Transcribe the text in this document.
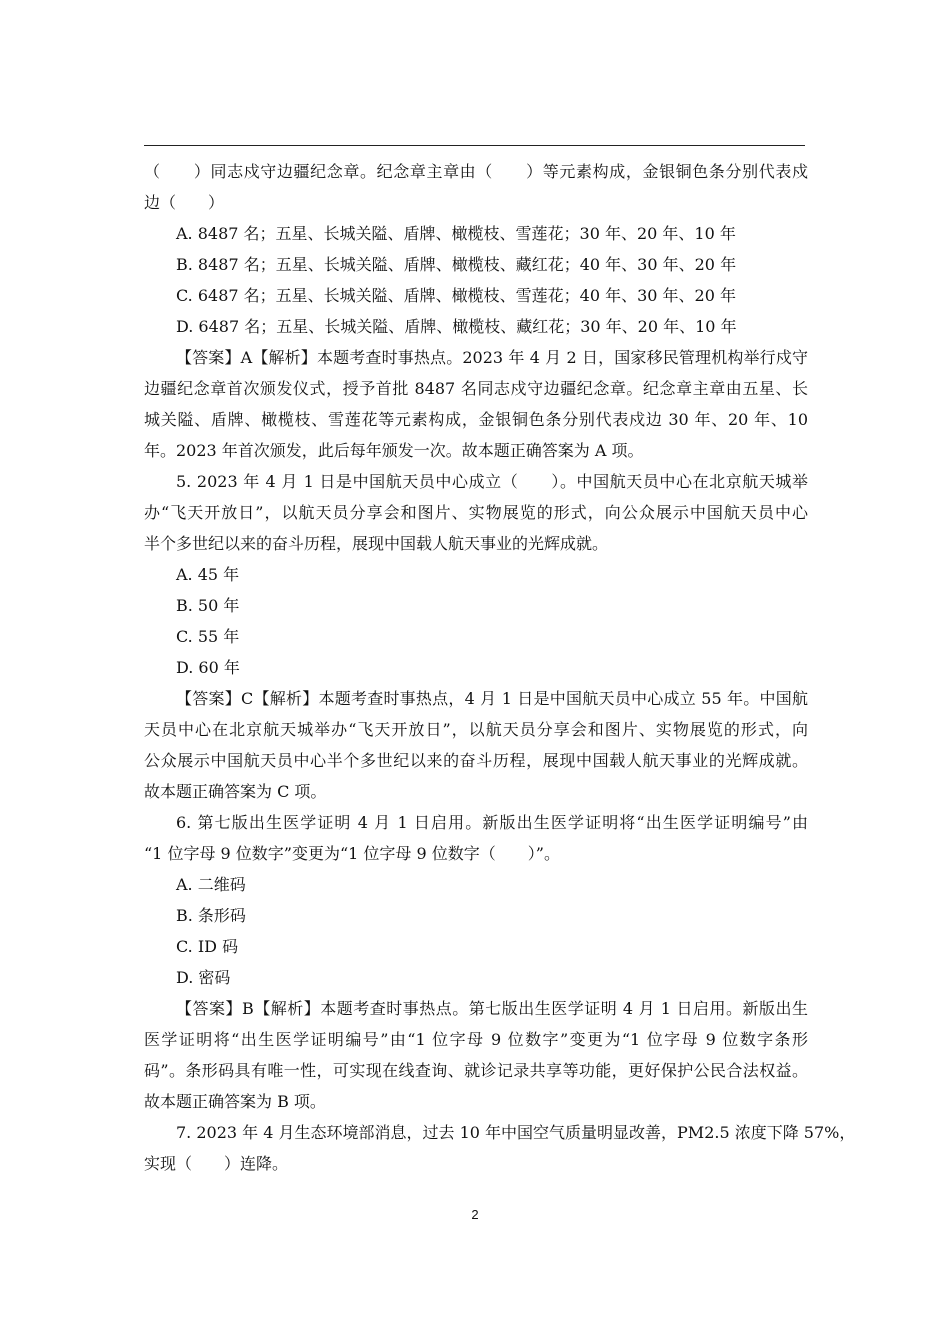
（　　）同志戍守边疆纪念章。纪念章主章由（　　）等元素构成，金银铜色条分别代表戍
边（　　）
A. 8487 名；五星、长城关隘、盾牌、橄榄枝、雪莲花；30 年、20 年、10 年
B. 8487 名；五星、长城关隘、盾牌、橄榄枝、藏红花；40 年、30 年、20 年
C. 6487 名；五星、长城关隘、盾牌、橄榄枝、雪莲花；40 年、30 年、20 年
D. 6487 名；五星、长城关隘、盾牌、橄榄枝、藏红花；30 年、20 年、10 年
【答案】A【解析】本题考查时事热点。2023 年 4 月 2 日，国家移民管理机构举行戍守
边疆纪念章首次颁发仪式，授予首批 8487 名同志戍守边疆纪念章。纪念章主章由五星、长
城关隘、盾牌、橄榄枝、雪莲花等元素构成，金银铜色条分别代表戍边 30 年、20 年、10
年。2023 年首次颁发，此后每年颁发一次。故本题正确答案为 A 项。
5. 2023 年 4 月 1 日是中国航天员中心成立（　　）。中国航天员中心在北京航天城举
办“飞天开放日”，以航天员分享会和图片、实物展览的形式，向公众展示中国航天员中心
半个多世纪以来的奋斗历程，展现中国载人航天事业的光辉成就。
A. 45 年
B. 50 年
C. 55 年
D. 60 年
【答案】C【解析】本题考查时事热点，4 月 1 日是中国航天员中心成立 55 年。中国航
天员中心在北京航天城举办“飞天开放日”，以航天员分享会和图片、实物展览的形式，向
公众展示中国航天员中心半个多世纪以来的奋斗历程，展现中国载人航天事业的光辉成就。
故本题正确答案为 C 项。
6. 第七版出生医学证明 4 月 1 日启用。新版出生医学证明将“出生医学证明编号”由
“1 位字母 9 位数字”变更为“1 位字母 9 位数字（　　）”。
A. 二维码
B. 条形码
C. ID 码
D. 密码
【答案】B【解析】本题考查时事热点。第七版出生医学证明 4 月 1 日启用。新版出生
医学证明将“出生医学证明编号”由“1 位字母 9 位数字”变更为“1 位字母 9 位数字条形
码”。条形码具有唯一性，可实现在线查询、就诊记录共享等功能，更好保护公民合法权益。
故本题正确答案为 B 项。
7. 2023 年 4 月生态环境部消息，过去 10 年中国空气质量明显改善，PM2.5 浓度下降 57%，
实现（　　）连降。
2
